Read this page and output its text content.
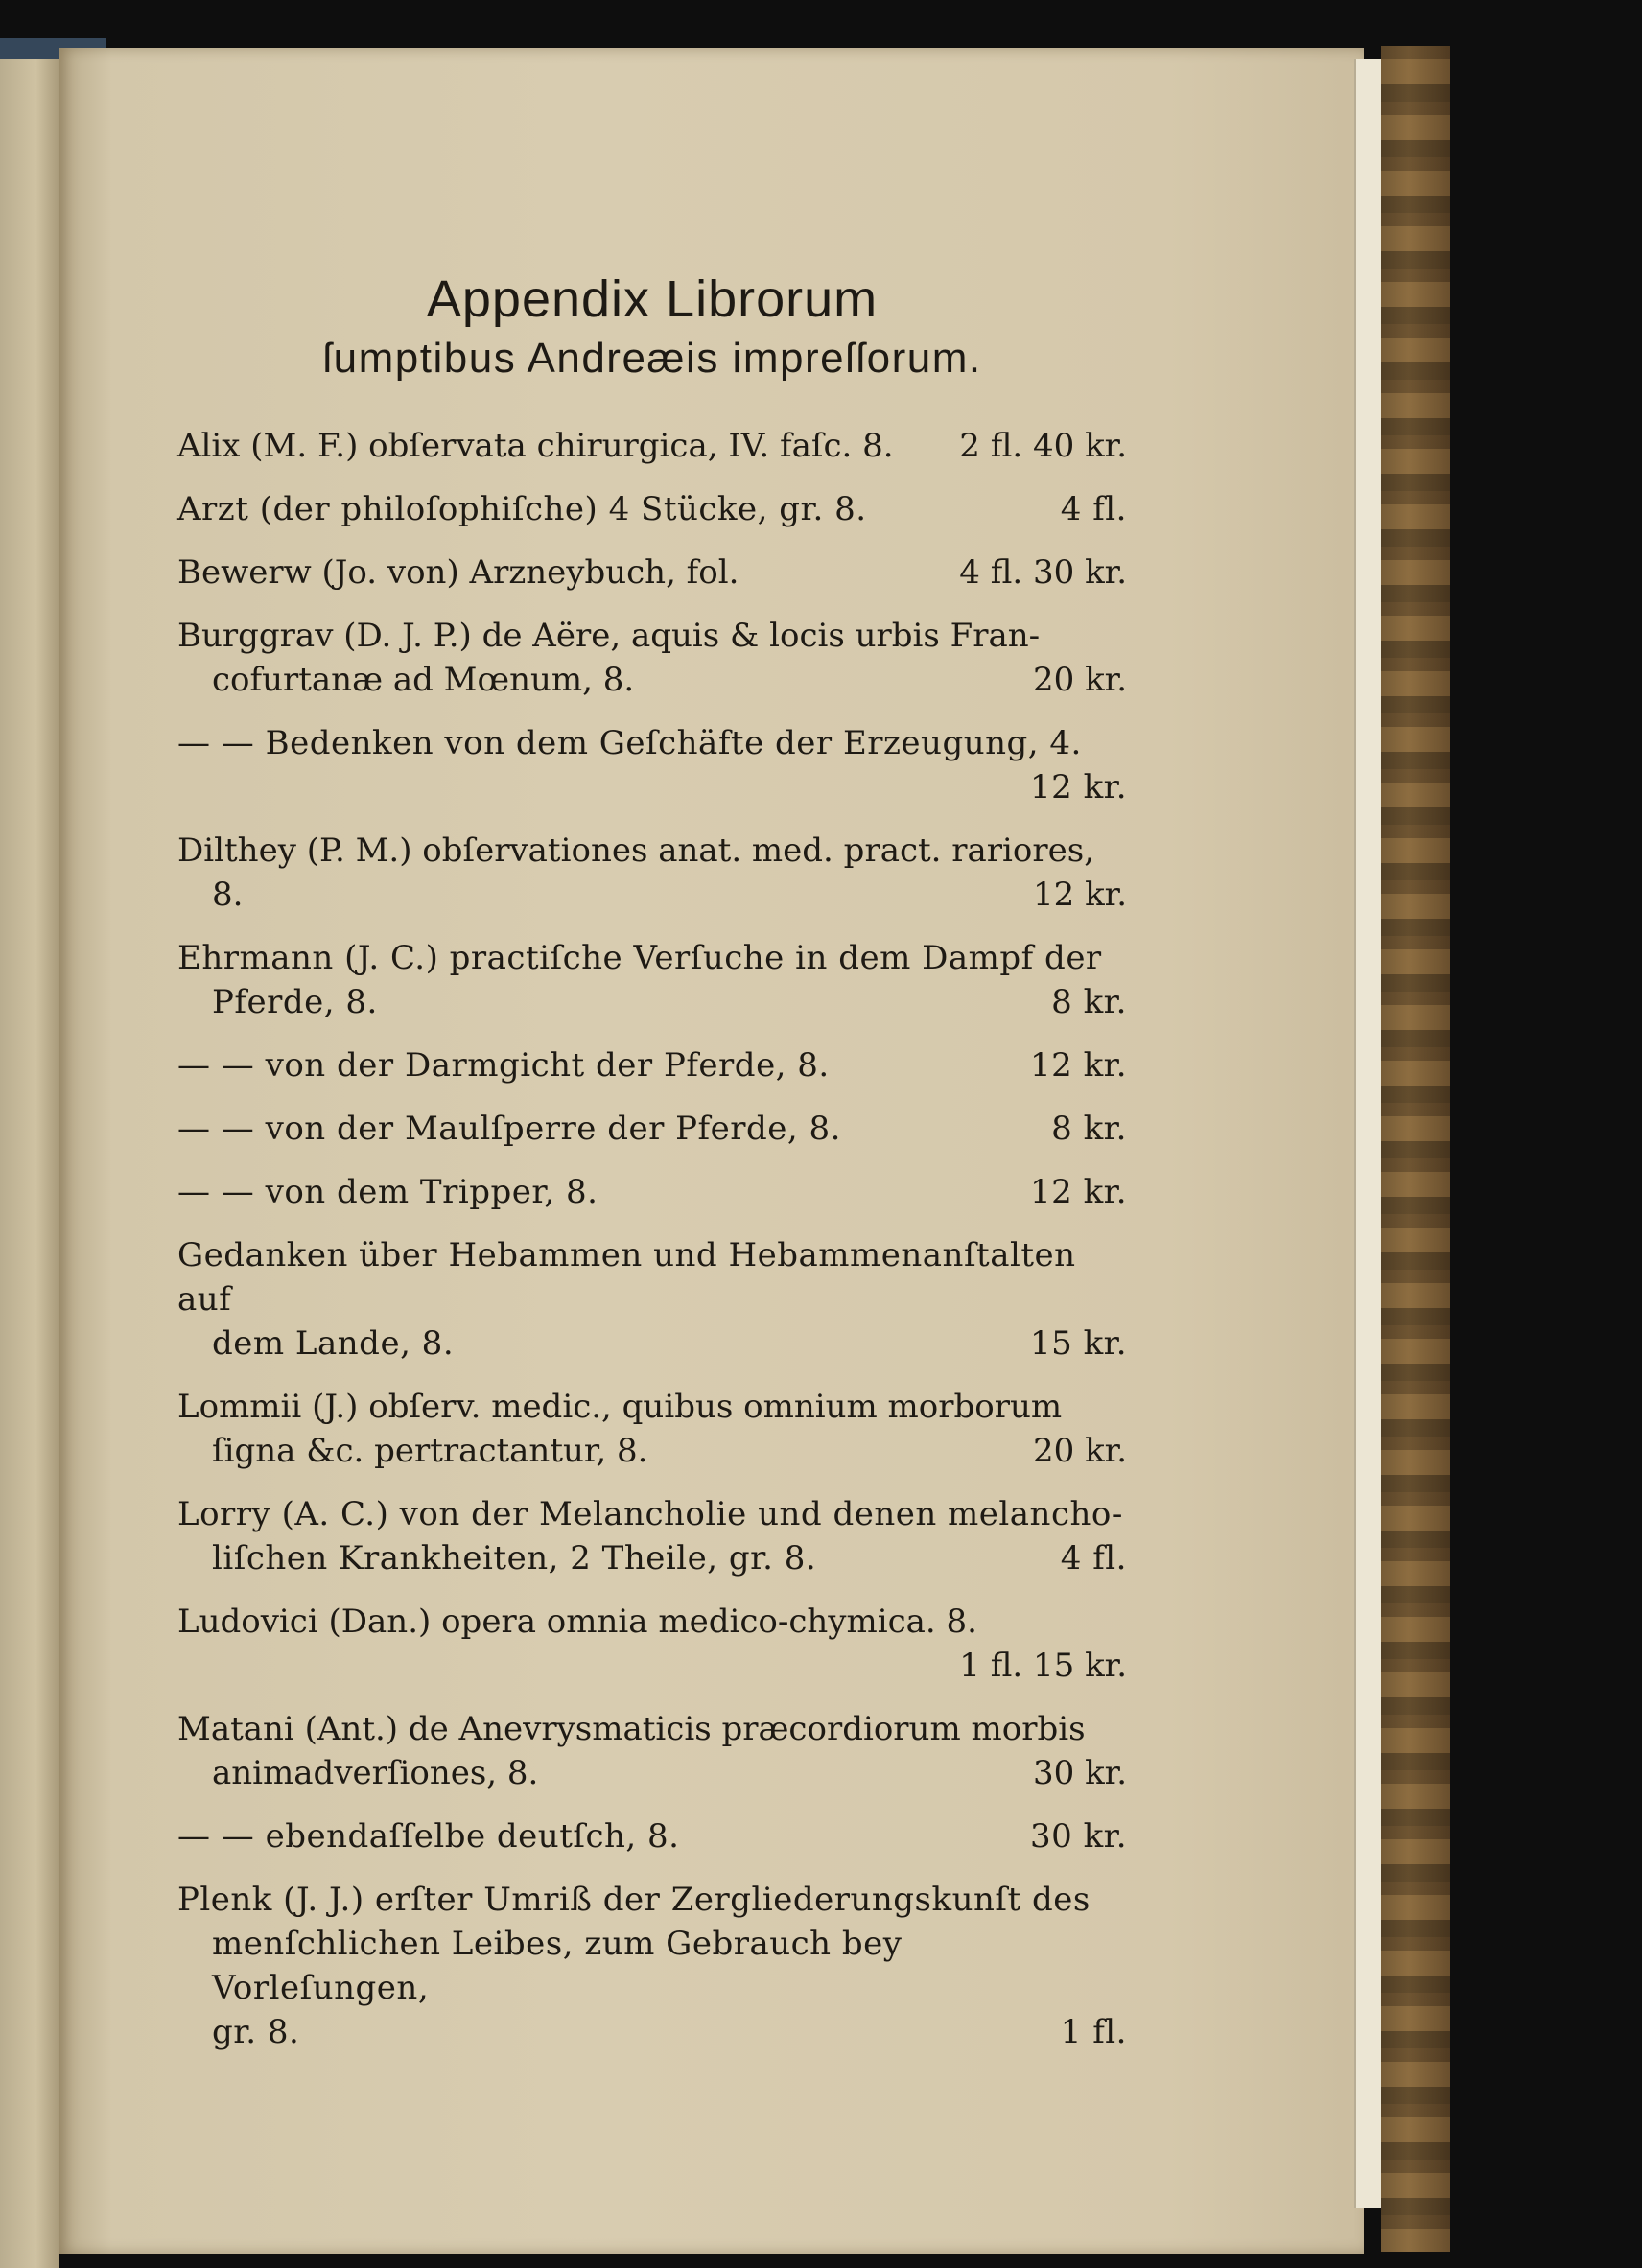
Appendix Librorum

ſumptibus Andreæis impreſſorum.

Alix (M. F.) obſervata chirurgica, IV. faſc. 8. 2 fl. 40 kr.
Arzt (der philoſophiſche) 4 Stücke, gr. 8.	4 fl.
Bewerw (Jo. von) Arzneybuch, fol.	4 fl. 30 kr.
Burggrav (D. J. P.) de Aëre, aquis & locis urbis Fran-
cofurtanæ ad Mœnum, 8.	20 kr.
— — Bedenken von dem Geſchäfte der Erzeugung, 4.
12 kr.
Dilthey (P. M.) obſervationes anat. med. pract. rariores,
8.	12 kr.
Ehrmann (J. C.) practiſche Verſuche in dem Dampf der
Pferde, 8.	8 kr.
— — von der Darmgicht der Pferde, 8.	12 kr.
— — von der Maulſperre der Pferde, 8.	8 kr.
— — von dem Tripper, 8.	12 kr.
Gedanken über Hebammen und Hebammenanſtalten auf
dem Lande, 8.	15 kr.
Lommii (J.) obſerv. medic., quibus omnium morborum
ſigna &c. pertractantur, 8.	20 kr.
Lorry (A. C.) von der Melancholie und denen melancho-
liſchen Krankheiten, 2 Theile, gr. 8.	4 fl.
Ludovici (Dan.) opera omnia medico-chymica. 8.
1 fl. 15 kr.
Matani (Ant.) de Anevrysmaticis præcordiorum morbis
animadverſiones, 8.	30 kr.
— — ebendaſſelbe deutſch, 8.	30 kr.
Plenk (J. J.) erſter Umriß der Zergliederungskunſt des
menſchlichen Leibes, zum Gebrauch bey Vorleſungen,
gr. 8.	1 fl.
